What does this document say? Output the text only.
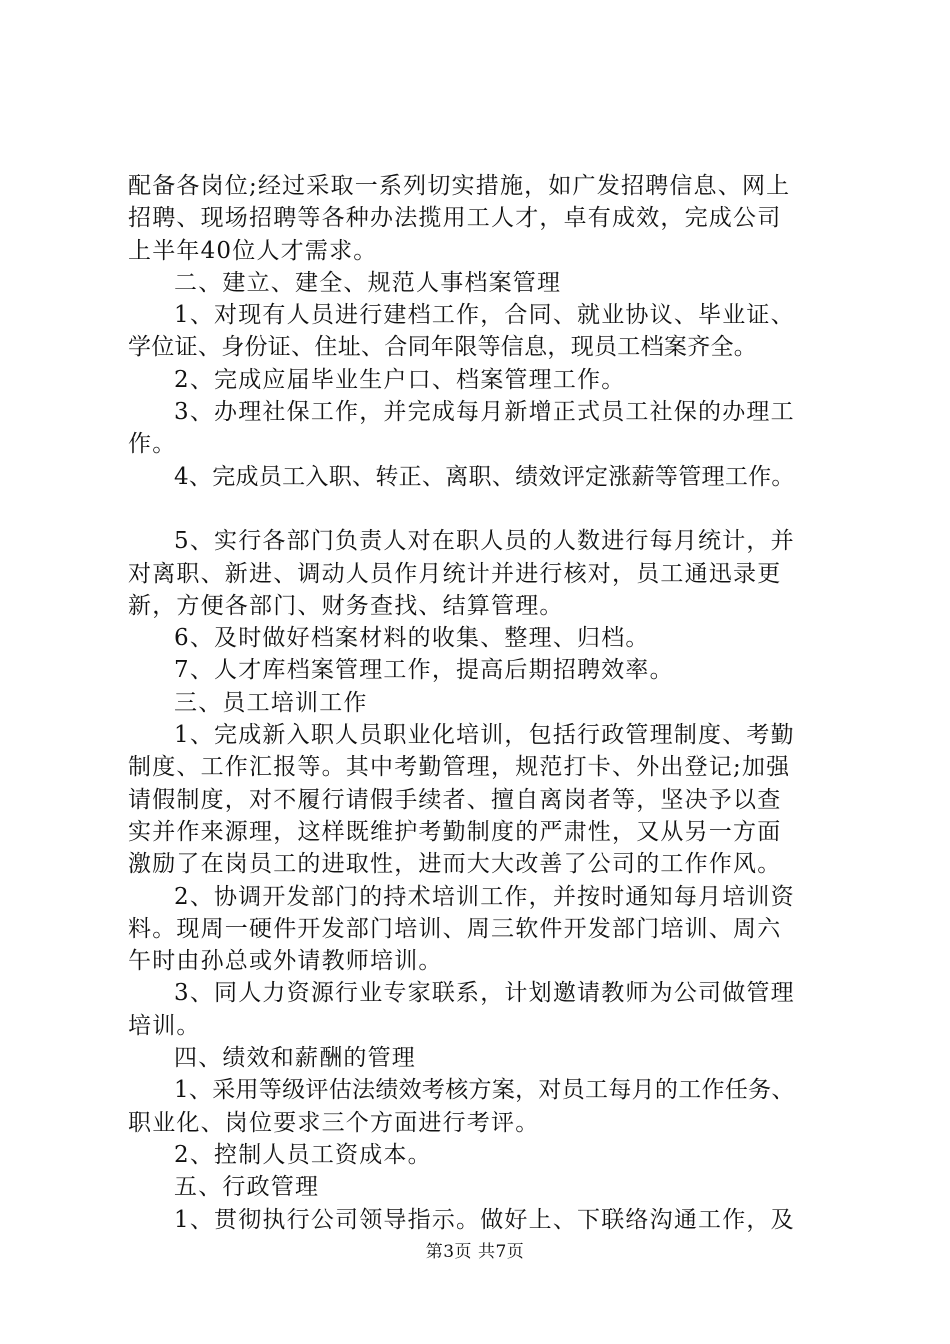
配备各岗位;经过采取一系列切实措施，如广发招聘信息、网上
招聘、现场招聘等各种办法揽用工人才，卓有成效，完成公司
上半年40位人才需求。
二、建立、建全、规范人事档案管理
1、对现有人员进行建档工作，合同、就业协议、毕业证、
学位证、身份证、住址、合同年限等信息，现员工档案齐全。
2、完成应届毕业生户口、档案管理工作。
3、办理社保工作，并完成每月新增正式员工社保的办理工
作。
4、完成员工入职、转正、离职、绩效评定涨薪等管理工作。
5、实行各部门负责人对在职人员的人数进行每月统计，并
对离职、新进、调动人员作月统计并进行核对，员工通迅录更
新，方便各部门、财务查找、结算管理。
6、及时做好档案材料的收集、整理、归档。
7、人才库档案管理工作，提高后期招聘效率。
三、员工培训工作
1、完成新入职人员职业化培训，包括行政管理制度、考勤
制度、工作汇报等。其中考勤管理，规范打卡、外出登记;加强
请假制度，对不履行请假手续者、擅自离岗者等，坚决予以查
实并作来源理，这样既维护考勤制度的严肃性，又从另一方面
激励了在岗员工的进取性，进而大大改善了公司的工作作风。
2、协调开发部门的持术培训工作，并按时通知每月培训资
料。现周一硬件开发部门培训、周三软件开发部门培训、周六
午时由孙总或外请教师培训。
3、同人力资源行业专家联系，计划邀请教师为公司做管理
培训。
四、绩效和薪酬的管理
1、采用等级评估法绩效考核方案，对员工每月的工作任务、
职业化、岗位要求三个方面进行考评。
2、控制人员工资成本。
五、行政管理
1、贯彻执行公司领导指示。做好上、下联络沟通工作，及
第3页 共7页
